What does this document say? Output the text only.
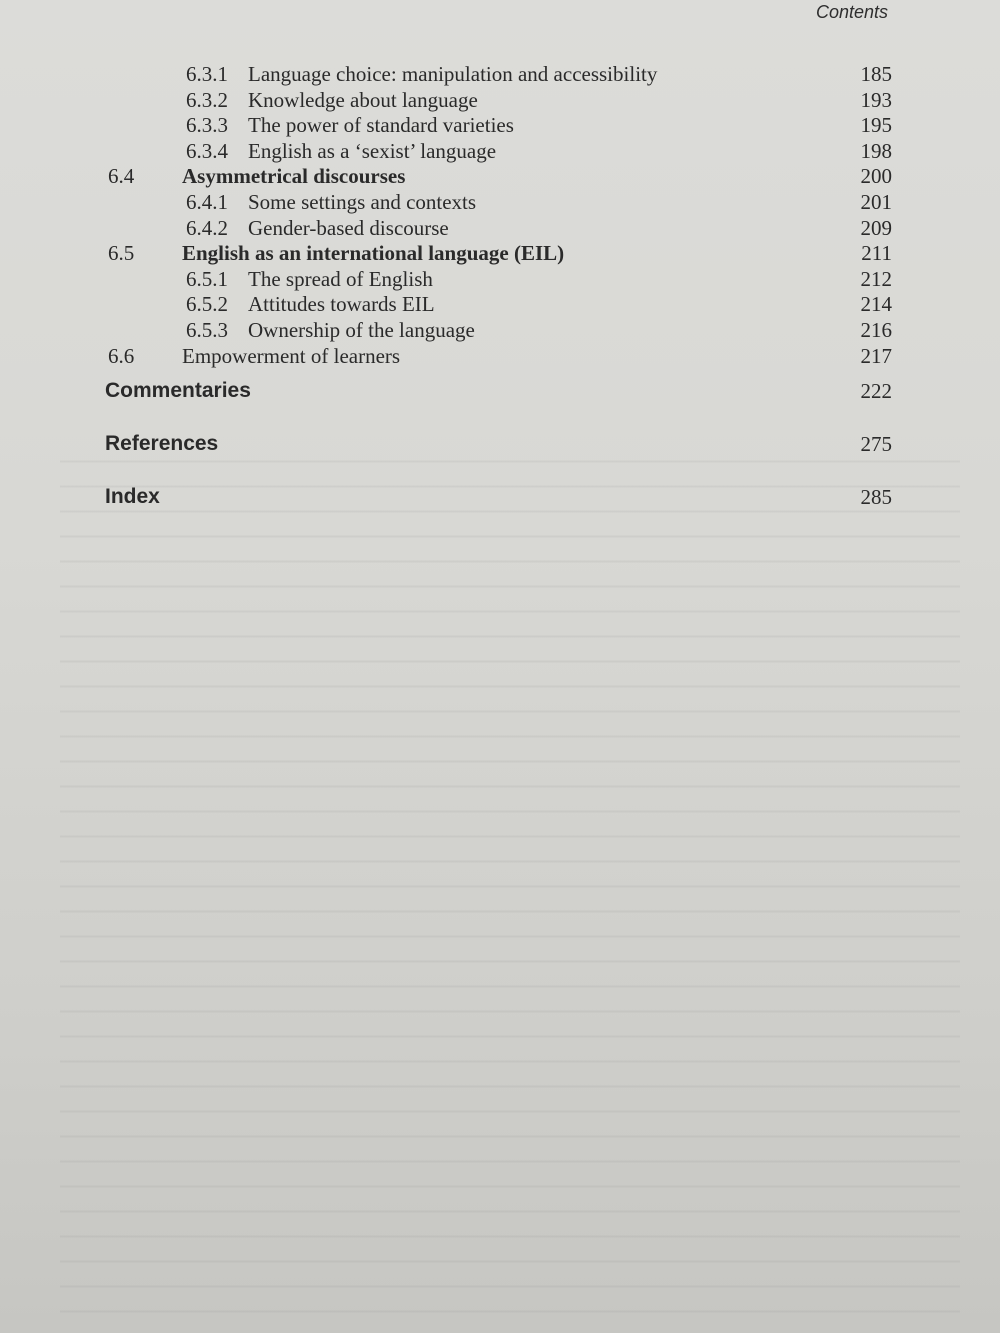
Contents
6.3.1 Language choice: manipulation and accessibility	185
6.3.2 Knowledge about language	193
6.3.3 The power of standard varieties	195
6.3.4 English as a ‘sexist’ language	198
6.4 Asymmetrical discourses	200
6.4.1 Some settings and contexts	201
6.4.2 Gender-based discourse	209
6.5 English as an international language (EIL)	211
6.5.1 The spread of English	212
6.5.2 Attitudes towards EIL	214
6.5.3 Ownership of the language	216
6.6 Empowerment of learners	217
Commentaries	222
References	275
Index	285
